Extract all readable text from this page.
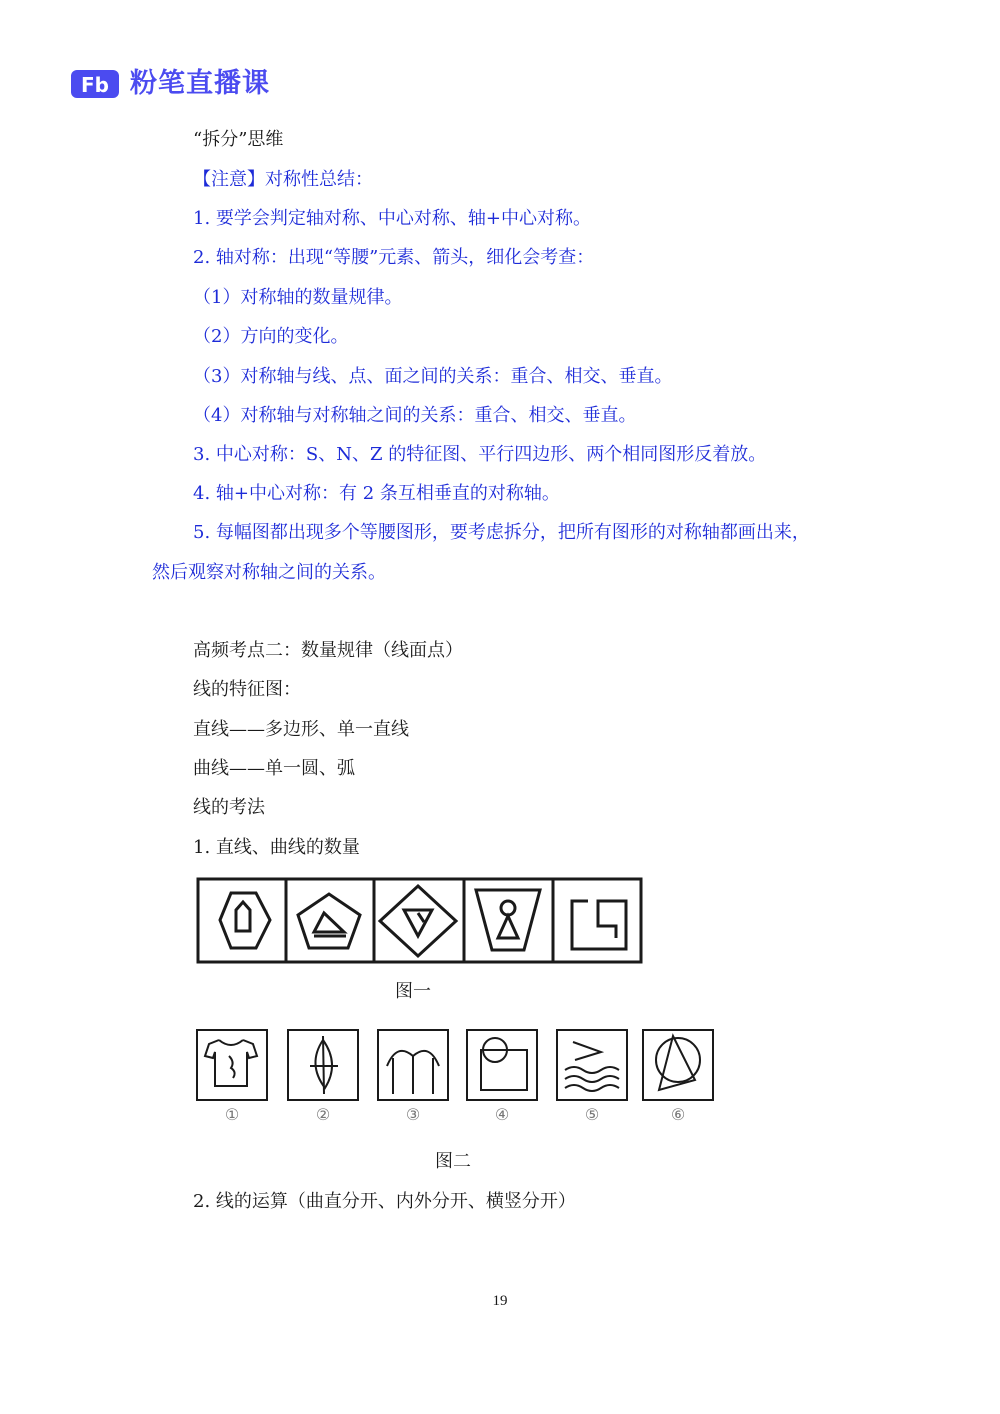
Fb 粉笔直播课
“拆分”思维
【注意】对称性总结：
1. 要学会判定轴对称、中心对称、轴+中心对称。
2. 轴对称：出现“等腰”元素、箭头，细化会考查：
（1）对称轴的数量规律。
（2）方向的变化。
（3）对称轴与线、点、面之间的关系：重合、相交、垂直。
（4）对称轴与对称轴之间的关系：重合、相交、垂直。
3. 中心对称：S、N、Z 的特征图、平行四边形、两个相同图形反着放。
4. 轴+中心对称：有 2 条互相垂直的对称轴。
5. 每幅图都出现多个等腰图形，要考虑拆分，把所有图形的对称轴都画出来，
然后观察对称轴之间的关系。
高频考点二：数量规律（线面点）
线的特征图：
直线——多边形、单一直线
曲线——单一圆、弧
线的考法
1. 直线、曲线的数量
图一
①	②	③	④	⑤	⑥
图二
2. 线的运算（曲直分开、内外分开、横竖分开）
19
